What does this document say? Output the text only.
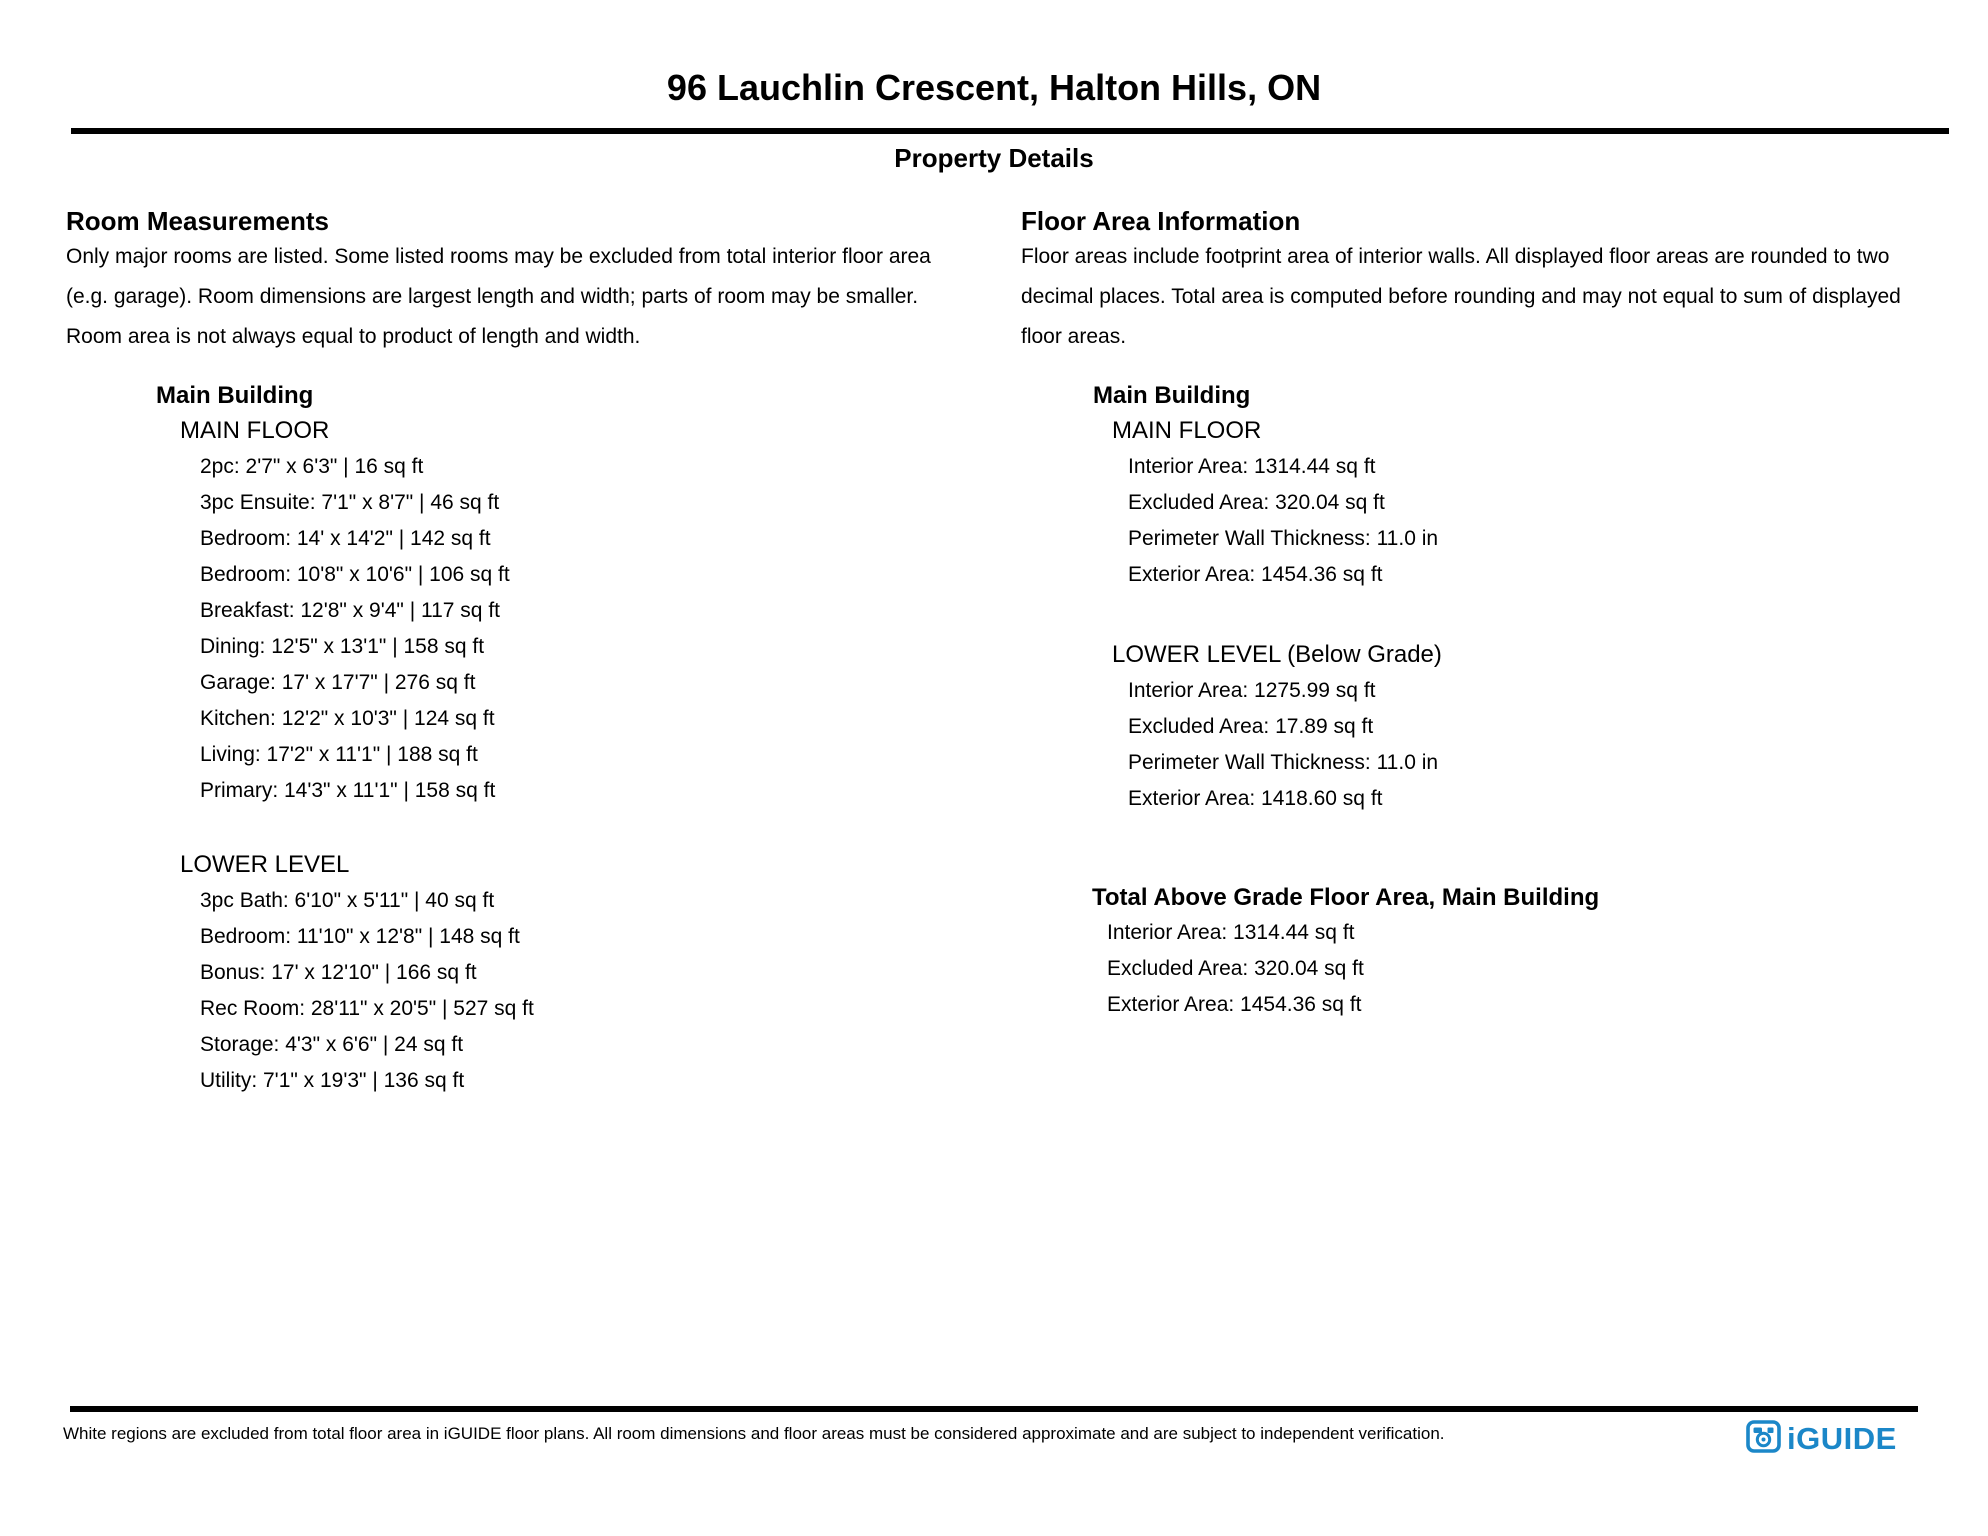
96 Lauchlin Crescent, Halton Hills, ON
Property Details
Room Measurements
Only major rooms are listed. Some listed rooms may be excluded from total interior floor area
(e.g. garage). Room dimensions are largest length and width; parts of room may be smaller.
Room area is not always equal to product of length and width.
Main Building
MAIN FLOOR
2pc: 2'7" x 6'3" | 16 sq ft
3pc Ensuite: 7'1" x 8'7" | 46 sq ft
Bedroom: 14' x 14'2" | 142 sq ft
Bedroom: 10'8" x 10'6" | 106 sq ft
Breakfast: 12'8" x 9'4" | 117 sq ft
Dining: 12'5" x 13'1" | 158 sq ft
Garage: 17' x 17'7" | 276 sq ft
Kitchen: 12'2" x 10'3" | 124 sq ft
Living: 17'2" x 11'1" | 188 sq ft
Primary: 14'3" x 11'1" | 158 sq ft
LOWER LEVEL
3pc Bath: 6'10" x 5'11" | 40 sq ft
Bedroom: 11'10" x 12'8" | 148 sq ft
Bonus: 17' x 12'10" | 166 sq ft
Rec Room: 28'11" x 20'5" | 527 sq ft
Storage: 4'3" x 6'6" | 24 sq ft
Utility: 7'1" x 19'3" | 136 sq ft
Floor Area Information
Floor areas include footprint area of interior walls. All displayed floor areas are rounded to two
decimal places. Total area is computed before rounding and may not equal to sum of displayed
floor areas.
Main Building
MAIN FLOOR
Interior Area: 1314.44 sq ft
Excluded Area: 320.04 sq ft
Perimeter Wall Thickness: 11.0 in
Exterior Area: 1454.36 sq ft
LOWER LEVEL (Below Grade)
Interior Area: 1275.99 sq ft
Excluded Area: 17.89 sq ft
Perimeter Wall Thickness: 11.0 in
Exterior Area: 1418.60 sq ft
Total Above Grade Floor Area, Main Building
Interior Area: 1314.44 sq ft
Excluded Area: 320.04 sq ft
Exterior Area: 1454.36 sq ft
White regions are excluded from total floor area in iGUIDE floor plans. All room dimensions and floor areas must be considered approximate and are subject to independent verification.	iGUIDE
